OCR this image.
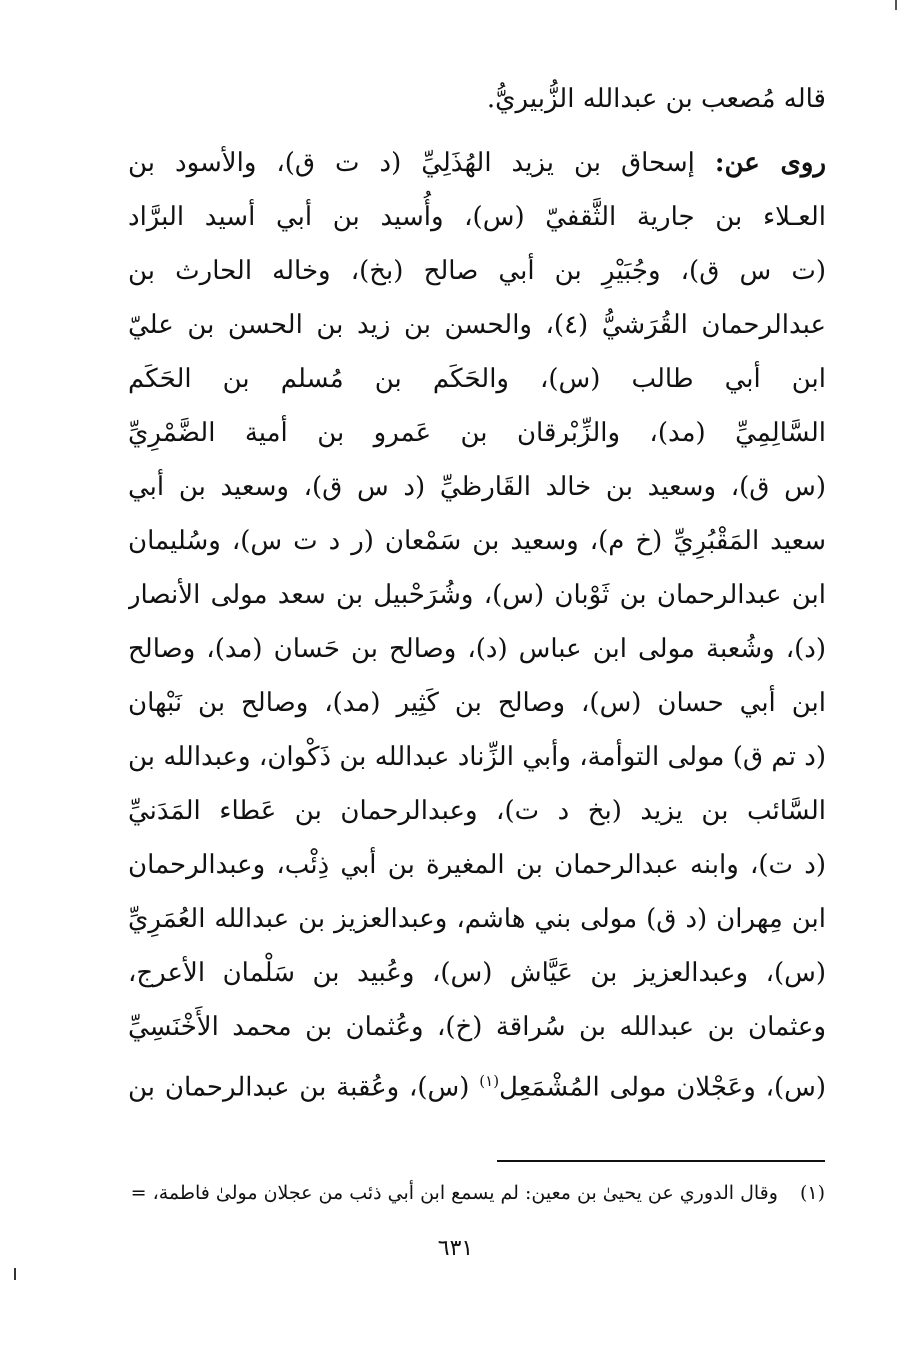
قاله مُصعب بن عبدالله الزُّبيريُّ.
روى عن: إسحاق بن يزيد الهُذَلِيِّ (د ت ق)، والأسود بن
العـلاء بن جارية الثَّقفيّ (س)، وأُسيد بن أبي أسيد البرَّاد
(ت س ق)، وجُبَيْرِ بن أبي صالح (بخ)، وخاله الحارث بن
عبدالرحمان القُرَشيُّ (٤)، والحسن بن زيد بن الحسن بن عليّ
ابن أبي طالب (س)، والحَكَم بن مُسلم بن الحَكَم
السَّالِمِيِّ (مد)، والزِّبْرقان بن عَمرو بن أمية الضَّمْرِيِّ
(س ق)، وسعيد بن خالد القَارظيِّ (د س ق)، وسعيد بن أبي
سعيد المَقْبُرِيِّ (خ م)، وسعيد بن سَمْعان (ر د ت س)، وسُليمان
ابن عبدالرحمان بن ثَوْبان (س)، وشُرَحْبيل بن سعد مولى الأنصار
(د)، وشُعبة مولى ابن عباس (د)، وصالح بن حَسان (مد)، وصالح
ابن أبي حسان (س)، وصالح بن كَثِير (مد)، وصالح بن نَبْهان
(د تم ق) مولى التوأمة، وأبي الزِّناد عبدالله بن ذَكْوان، وعبدالله بن
السَّائب بن يزيد (بخ د ت)، وعبدالرحمان بن عَطاء المَدَنيِّ
(د ت)، وابنه عبدالرحمان بن المغيرة بن أبي ذِئْب، وعبدالرحمان
ابن مِهران (د ق) مولى بني هاشم، وعبدالعزيز بن عبدالله العُمَرِيِّ
(س)، وعبدالعزيز بن عَيَّاش (س)، وعُبيد بن سَلْمان الأعرج،
وعثمان بن عبدالله بن سُراقة (خ)، وعُثمان بن محمد الأَخْنَسِيِّ
(س)، وعَجْلان مولى المُشْمَعِل$^{(١)}$ (س)، وعُقبة بن عبدالرحمان بن
(١)وقال الدوري عن يحيىٰ بن معين: لم يسمع ابن أبي ذئب من عجلان مولىٰ فاطمة، =
٦٣١
